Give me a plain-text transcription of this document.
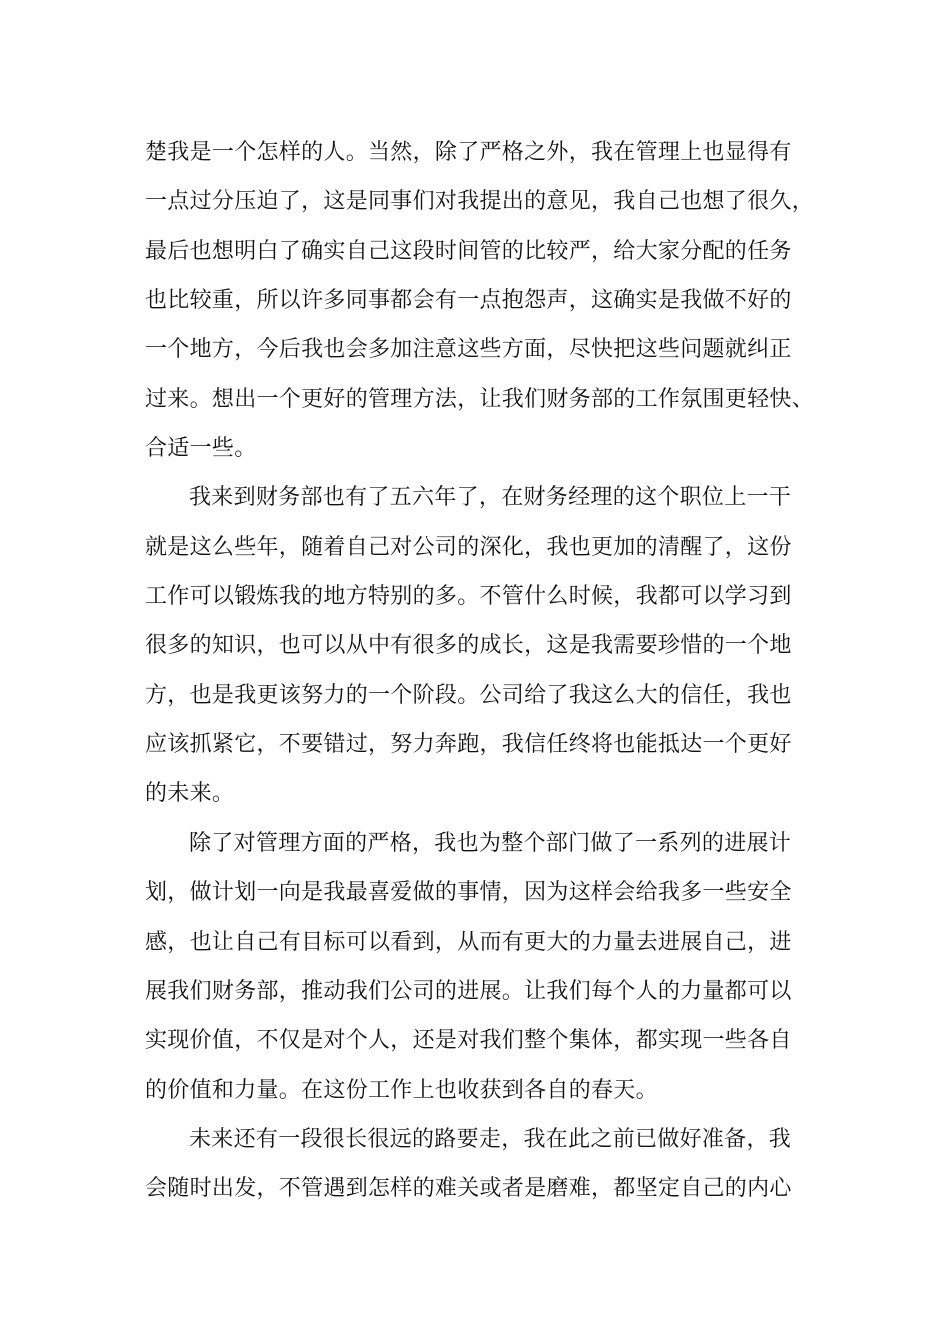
楚我是一个怎样的人。当然，除了严格之外，我在管理上也显得有
一点过分压迫了，这是同事们对我提出的意见，我自己也想了很久，
最后也想明白了确实自己这段时间管的比较严，给大家分配的任务
也比较重，所以许多同事都会有一点抱怨声，这确实是我做不好的
一个地方，今后我也会多加注意这些方面，尽快把这些问题就纠正
过来。想出一个更好的管理方法，让我们财务部的工作氛围更轻快、
合适一些。
我来到财务部也有了五六年了，在财务经理的这个职位上一干
就是这么些年，随着自己对公司的深化，我也更加的清醒了，这份
工作可以锻炼我的地方特别的多。不管什么时候，我都可以学习到
很多的知识，也可以从中有很多的成长，这是我需要珍惜的一个地
方，也是我更该努力的一个阶段。公司给了我这么大的信任，我也
应该抓紧它，不要错过，努力奔跑，我信任终将也能抵达一个更好
的未来。
除了对管理方面的严格，我也为整个部门做了一系列的进展计
划，做计划一向是我最喜爱做的事情，因为这样会给我多一些安全
感，也让自己有目标可以看到，从而有更大的力量去进展自己，进
展我们财务部，推动我们公司的进展。让我们每个人的力量都可以
实现价值，不仅是对个人，还是对我们整个集体，都实现一些各自
的价值和力量。在这份工作上也收获到各自的春天。
未来还有一段很长很远的路要走，我在此之前已做好准备，我
会随时出发，不管遇到怎样的难关或者是磨难，都坚定自己的内心
